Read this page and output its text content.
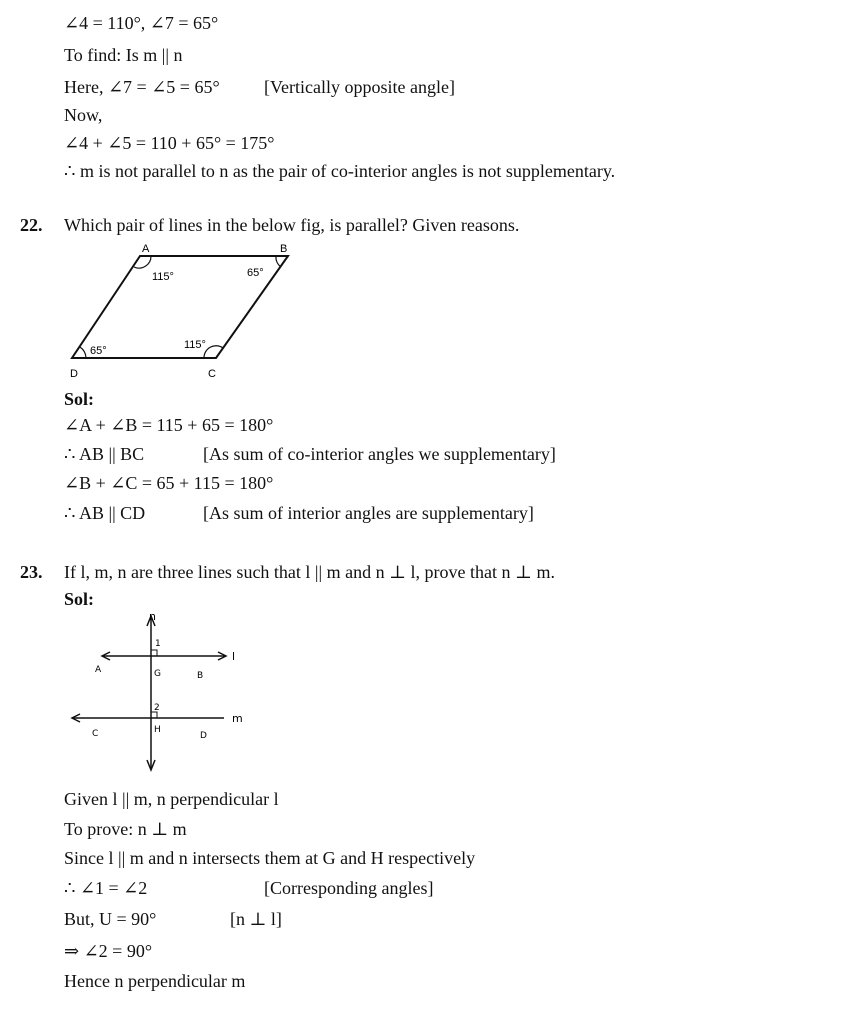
∠4 = 110°, ∠7 = 65°
To find: Is m || n
Here, ∠7 = ∠5 = 65° [Vertically opposite angle]
Now,
∠4 + ∠5 = 110 + 65° = 175°
∴ m is not parallel to n as the pair of co-interior angles is not supplementary.
22. Which pair of lines in the below fig, is parallel? Given reasons.
A	B
C
D
115°	65°
115°
65°
Sol:
∠A + ∠B = 115 + 65 = 180°
∴ AB || BC	[As sum of co-interior angles we supplementary]
∠B + ∠C = 65 + 115 = 180°
∴ AB || CD	[As sum of interior angles are supplementary]
23. If l, m, n are three lines such that l || m and n ⊥ l, prove that n ⊥ m.
Sol:
n
l
m
A
B
C	D
G
H
1
2
Given l || m, n perpendicular l
To prove: n ⊥ m
Since l || m and n intersects them at G and H respectively
∴ ∠1 = ∠2	[Corresponding angles]
But, U = 90°	[n ⊥ l]
⇒ ∠2 = 90°
Hence n perpendicular m
